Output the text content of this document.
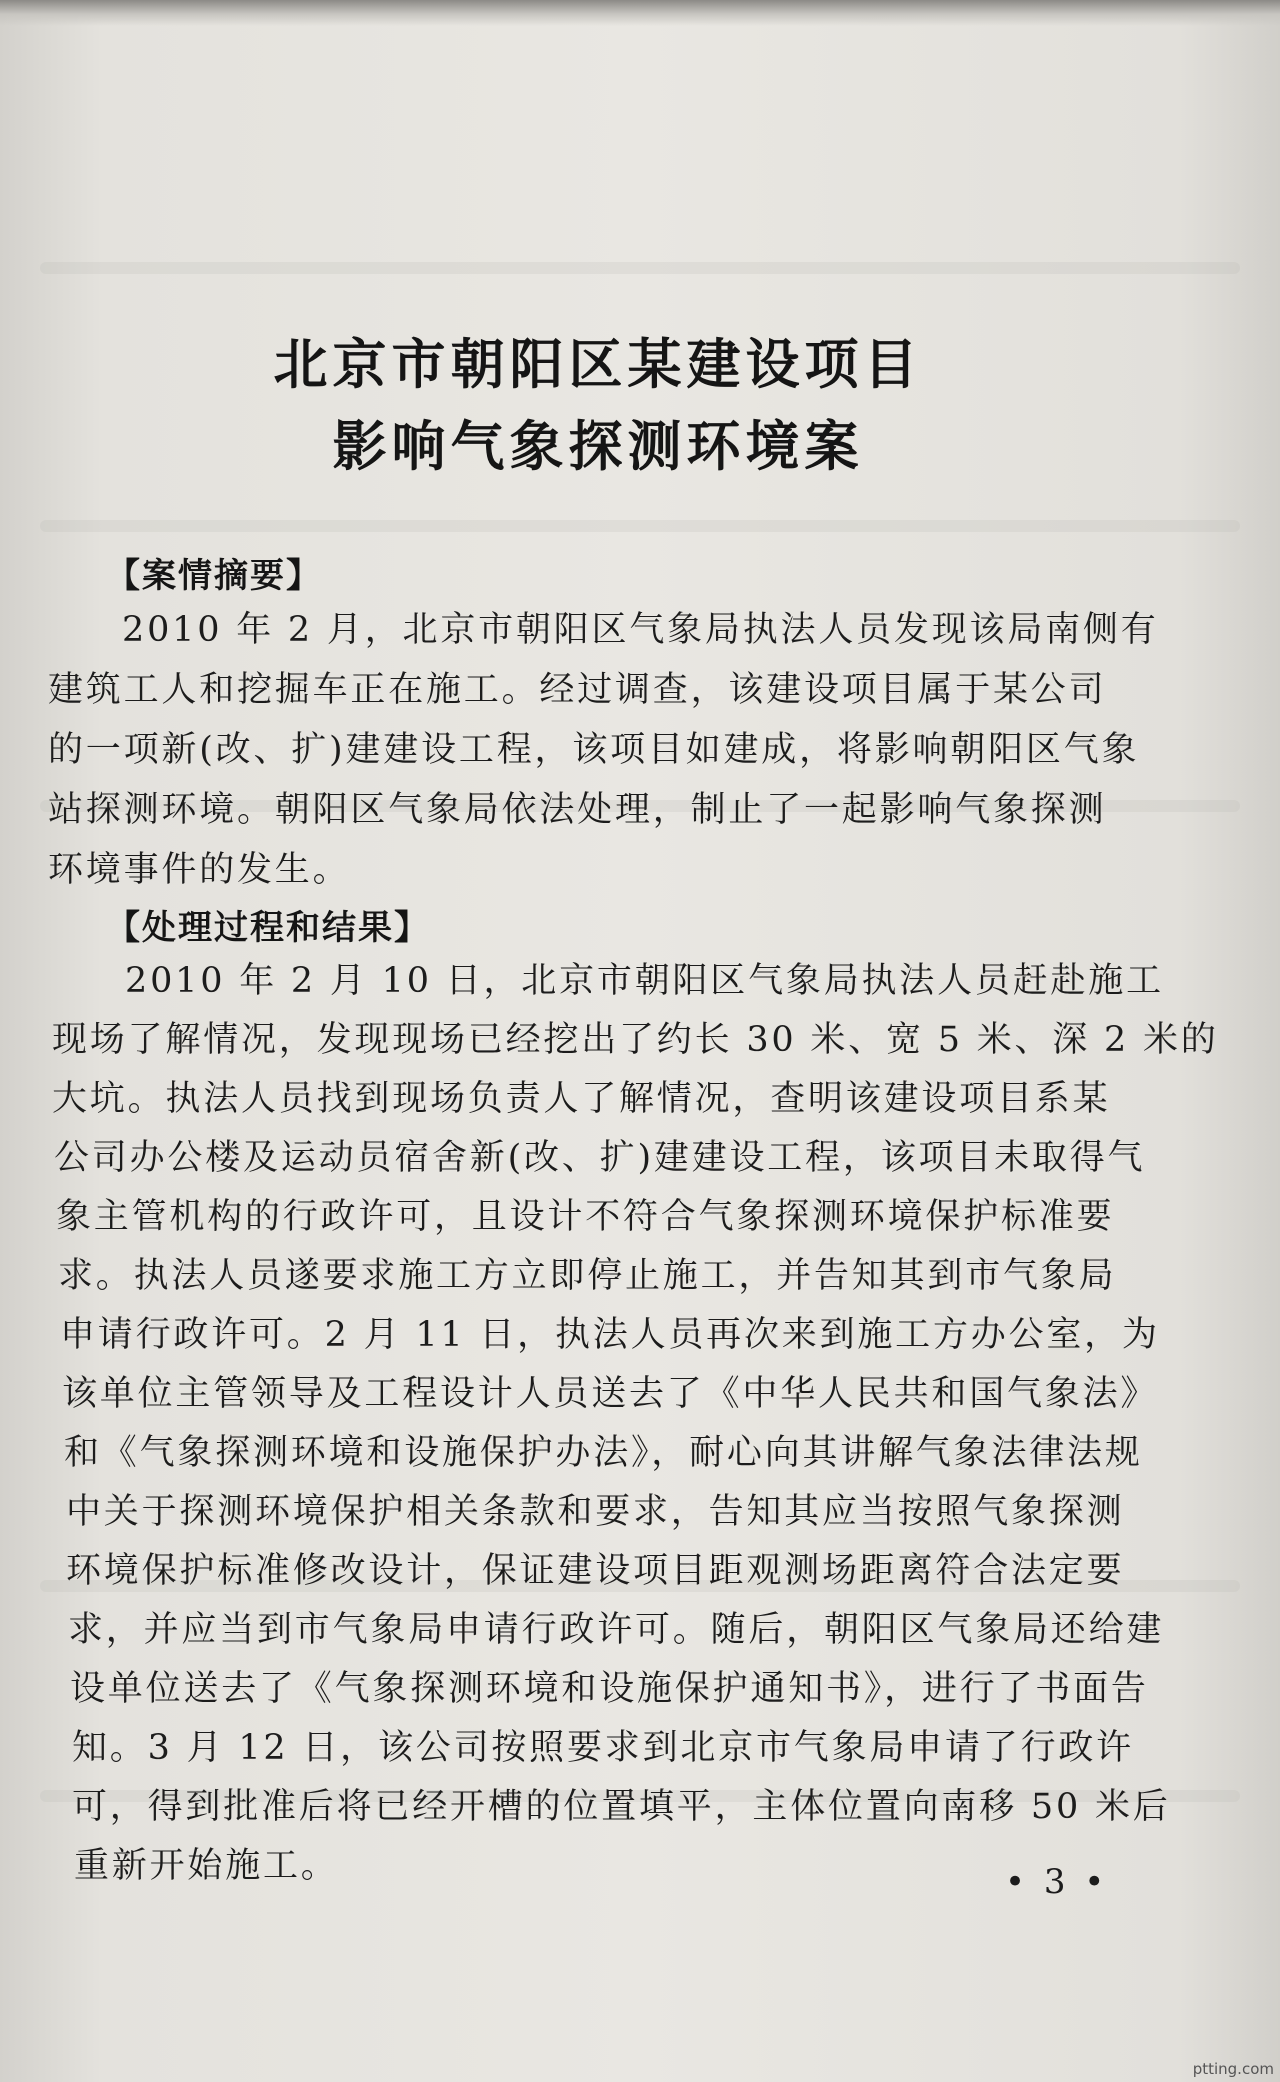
北京市朝阳区某建设项目
影响气象探测环境案
【案情摘要】
2010 年 2 月，北京市朝阳区气象局执法人员发现该局南侧有
建筑工人和挖掘车正在施工。经过调查，该建设项目属于某公司
的一项新(改、扩)建建设工程，该项目如建成，将影响朝阳区气象
站探测环境。朝阳区气象局依法处理，制止了一起影响气象探测
环境事件的发生。
【处理过程和结果】
2010 年 2 月 10 日，北京市朝阳区气象局执法人员赶赴施工
现场了解情况，发现现场已经挖出了约长 30 米、宽 5 米、深 2 米的
大坑。执法人员找到现场负责人了解情况，查明该建设项目系某
公司办公楼及运动员宿舍新(改、扩)建建设工程，该项目未取得气
象主管机构的行政许可，且设计不符合气象探测环境保护标准要
求。执法人员遂要求施工方立即停止施工，并告知其到市气象局
申请行政许可。2 月 11 日，执法人员再次来到施工方办公室，为
该单位主管领导及工程设计人员送去了《中华人民共和国气象法》
和《气象探测环境和设施保护办法》，耐心向其讲解气象法律法规
中关于探测环境保护相关条款和要求，告知其应当按照气象探测
环境保护标准修改设计，保证建设项目距观测场距离符合法定要
求，并应当到市气象局申请行政许可。随后，朝阳区气象局还给建
设单位送去了《气象探测环境和设施保护通知书》，进行了书面告
知。3 月 12 日，该公司按照要求到北京市气象局申请了行政许
可，得到批准后将已经开槽的位置填平，主体位置向南移 50 米后
重新开始施工。	• 3 •
ptting.com
